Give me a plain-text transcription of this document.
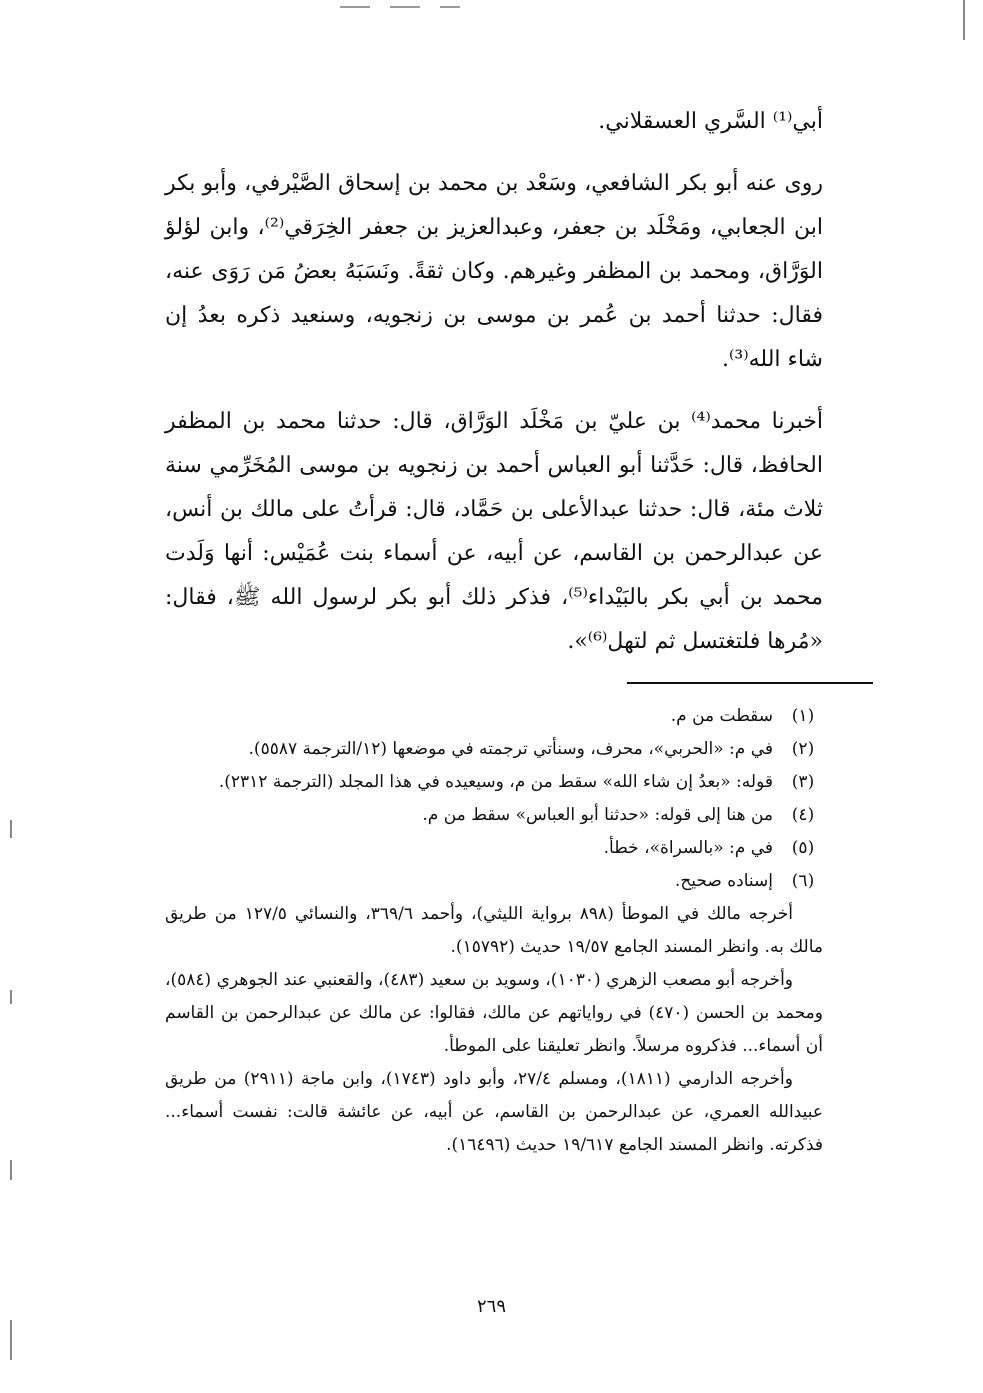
أبي⁽¹⁾ السَّري العسقلاني.

روى عنه أبو بكر الشافعي، وسَعْد بن محمد بن إسحاق الصَّيْرفي، وأبو بكر ابن الجعابي، ومَخْلَد بن جعفر، وعبدالعزيز بن جعفر الخِرَقي⁽²⁾، وابن لؤلؤ الوَرَّاق، ومحمد بن المظفر وغيرهم. وكان ثقةً. ونَسَبَهُ بعضُ مَن رَوَى عنه، فقال: حدثنا أحمد بن عُمر بن موسى بن زنجويه، وسنعيد ذكره بعدُ إن شاء الله⁽³⁾.

أخبرنا محمد⁽⁴⁾ بن عليّ بن مَخْلَد الوَرَّاق، قال: حدثنا محمد بن المظفر الحافظ، قال: حَدَّثنا أبو العباس أحمد بن زنجويه بن موسى المُخَرِّمي سنة ثلاث مئة، قال: حدثنا عبدالأعلى بن حَمَّاد، قال: قرأتُ على مالك بن أنس، عن عبدالرحمن بن القاسم، عن أبيه، عن أسماء بنت عُمَيْس: أنها وَلَدت محمد بن أبي بكر بالبَيْداء⁽⁵⁾، فذكر ذلك أبو بكر لرسول الله ﷺ، فقال: «مُرها فلتغتسل ثم لتهل⁽⁶⁾».

(١)
سقطت من م.
(٢)
في م: «الحربي»، محرف، وسنأتي ترجمته في موضعها (١٢/الترجمة ٥٥٨٧).
(٣)
قوله: «بعدُ إن شاء الله» سقط من م، وسيعيده في هذا المجلد (الترجمة ٢٣١٢).
(٤)
من هنا إلى قوله: «حدثنا أبو العباس» سقط من م.
(٥)
في م: «بالسراة»، خطأ.
(٦)
إسناده صحيح.

أخرجه مالك في الموطأ (٨٩٨ برواية الليثي)، وأحمد ٣٦٩/٦، والنسائي ١٢٧/٥ من طريق مالك به. وانظر المسند الجامع ١٩/٥٧ حديث (١٥٧٩٢).

وأخرجه أبو مصعب الزهري (١٠٣٠)، وسويد بن سعيد (٤٨٣)، والقعنبي عند الجوهري (٥٨٤)، ومحمد بن الحسن (٤٧٠) في رواياتهم عن مالك، فقالوا: عن مالك عن عبدالرحمن بن القاسم أن أسماء... فذكروه مرسلاً. وانظر تعليقنا على الموطأ.

وأخرجه الدارمي (١٨١١)، ومسلم ٢٧/٤، وأبو داود (١٧٤٣)، وابن ماجة (٢٩١١) من طريق عبيدالله العمري، عن عبدالرحمن بن القاسم، عن أبيه، عن عائشة قالت: نفست أسماء... فذكرته. وانظر المسند الجامع ١٩/٦١٧ حديث (١٦٤٩٦).

٢٦٩
